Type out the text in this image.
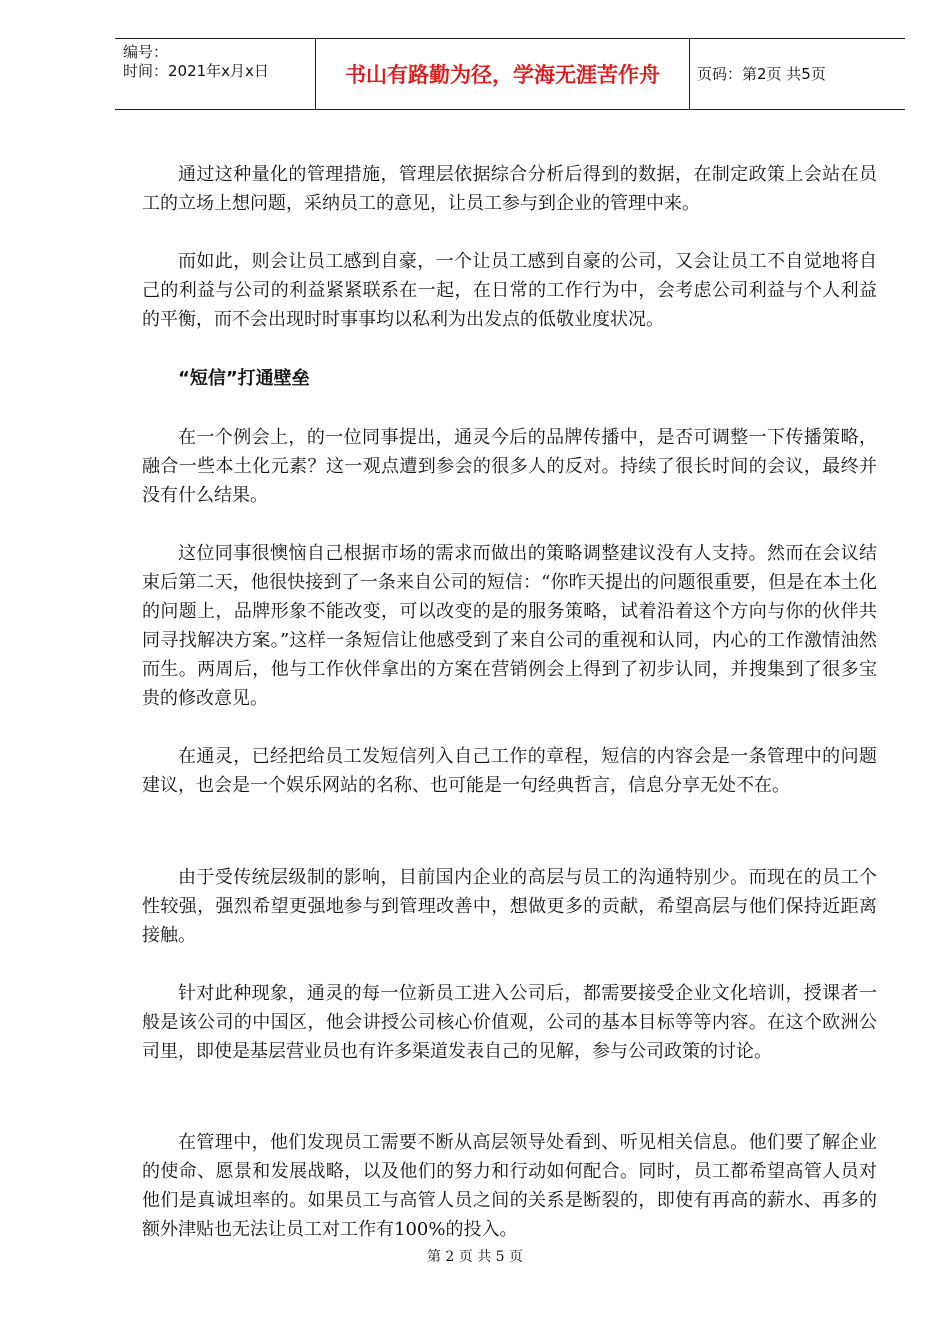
编号：
时间：2021年x月x日	书山有路勤为径，学海无涯苦作舟	页码：第2页 共5页

通过这种量化的管理措施，管理层依据综合分析后得到的数据，在制定政策上会站在员工的立场上想问题，采纳员工的意见，让员工参与到企业的管理中来。

而如此，则会让员工感到自豪，一个让员工感到自豪的公司，又会让员工不自觉地将自己的利益与公司的利益紧紧联系在一起，在日常的工作行为中，会考虑公司利益与个人利益的平衡，而不会出现时时事事均以私利为出发点的低敬业度状况。

“短信”打通壁垒

在一个例会上，的一位同事提出，通灵今后的品牌传播中，是否可调整一下传播策略，融合一些本土化元素？这一观点遭到参会的很多人的反对。持续了很长时间的会议，最终并没有什么结果。

这位同事很懊恼自己根据市场的需求而做出的策略调整建议没有人支持。然而在会议结束后第二天，他很快接到了一条来自公司的短信：“你昨天提出的问题很重要，但是在本土化的问题上，品牌形象不能改变，可以改变的是的服务策略，试着沿着这个方向与你的伙伴共同寻找解决方案。”这样一条短信让他感受到了来自公司的重视和认同，内心的工作激情油然而生。两周后，他与工作伙伴拿出的方案在营销例会上得到了初步认同，并搜集到了很多宝贵的修改意见。

在通灵，已经把给员工发短信列入自己工作的章程，短信的内容会是一条管理中的问题建议，也会是一个娱乐网站的名称、也可能是一句经典哲言，信息分享无处不在。

由于受传统层级制的影响，目前国内企业的高层与员工的沟通特别少。而现在的员工个性较强，强烈希望更强地参与到管理改善中，想做更多的贡献，希望高层与他们保持近距离接触。

针对此种现象，通灵的每一位新员工进入公司后，都需要接受企业文化培训，授课者一般是该公司的中国区，他会讲授公司核心价值观，公司的基本目标等等内容。在这个欧洲公司里，即使是基层营业员也有许多渠道发表自己的见解，参与公司政策的讨论。

在管理中，他们发现员工需要不断从高层领导处看到、听见相关信息。他们要了解企业的使命、愿景和发展战略，以及他们的努力和行动如何配合。同时，员工都希望高管人员对他们是真诚坦率的。如果员工与高管人员之间的关系是断裂的，即使有再高的薪水、再多的额外津贴也无法让员工对工作有100%的投入。

第 2 页 共 5 页
